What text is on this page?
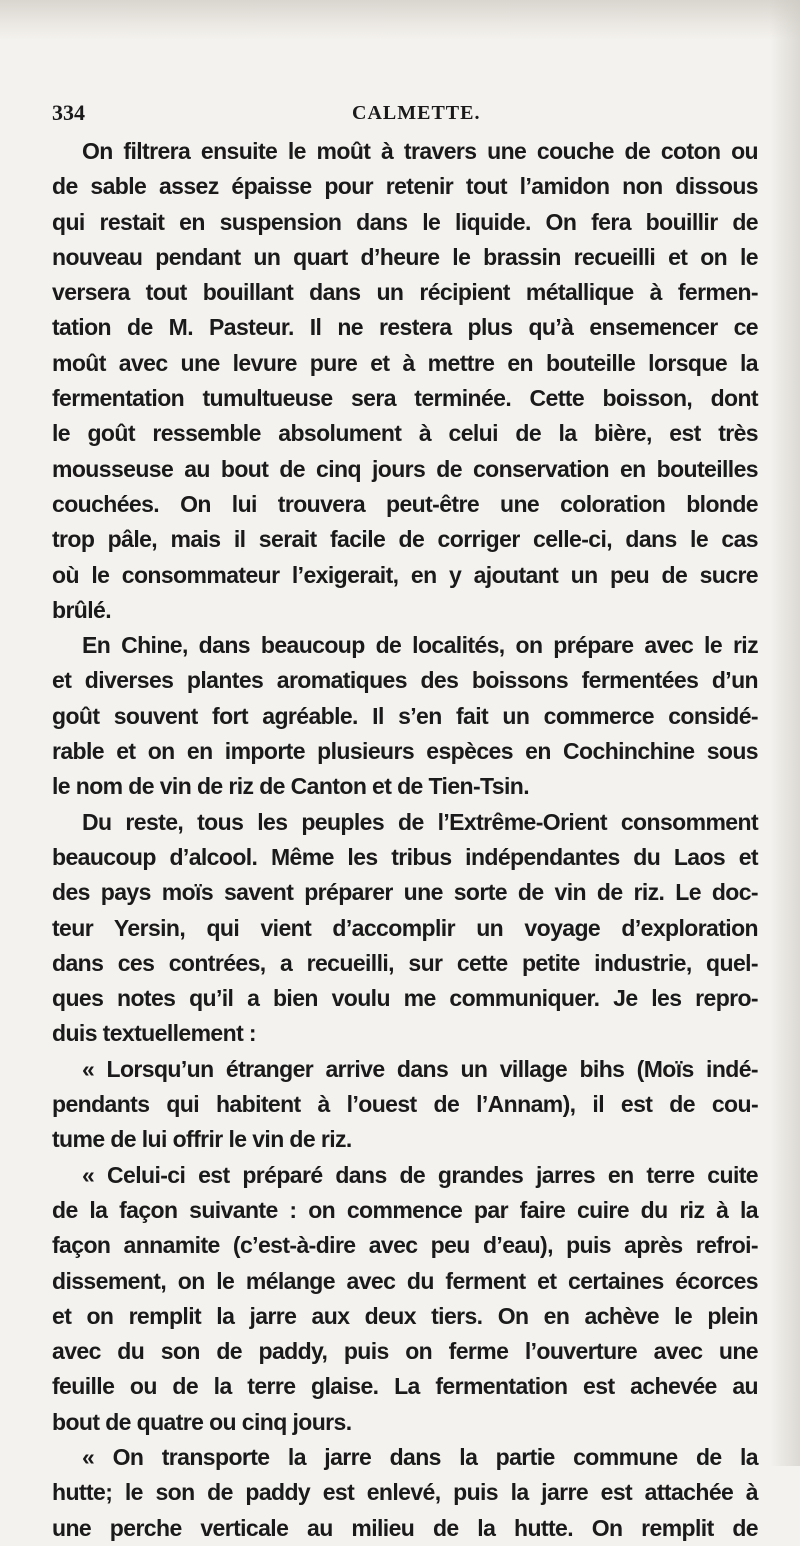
334	CALMETTE.
On filtrera ensuite le moût à travers une couche de coton ou
de sable assez épaisse pour retenir tout l’amidon non dissous
qui restait en suspension dans le liquide. On fera bouillir de
nouveau pendant un quart d’heure le brassin recueilli et on le
versera tout bouillant dans un récipient métallique à fermen-
tation de M. Pasteur. Il ne restera plus qu’à ensemencer ce
moût avec une levure pure et à mettre en bouteille lorsque la
fermentation tumultueuse sera terminée. Cette boisson, dont
le goût ressemble absolument à celui de la bière, est très
mousseuse au bout de cinq jours de conservation en bouteilles
couchées. On lui trouvera peut-être une coloration blonde
trop pâle, mais il serait facile de corriger celle-ci, dans le cas
où le consommateur l’exigerait, en y ajoutant un peu de sucre
brûlé.
En Chine, dans beaucoup de localités, on prépare avec le riz
et diverses plantes aromatiques des boissons fermentées d’un
goût souvent fort agréable. Il s’en fait un commerce considé-
rable et on en importe plusieurs espèces en Cochinchine sous
le nom de vin de riz de Canton et de Tien-Tsin.
Du reste, tous les peuples de l’Extrême-Orient consomment
beaucoup d’alcool. Même les tribus indépendantes du Laos et
des pays moïs savent préparer une sorte de vin de riz. Le doc-
teur Yersin, qui vient d’accomplir un voyage d’exploration
dans ces contrées, a recueilli, sur cette petite industrie, quel-
ques notes qu’il a bien voulu me communiquer. Je les repro-
duis textuellement :
« Lorsqu’un étranger arrive dans un village bihs (Moïs indé-
pendants qui habitent à l’ouest de l’Annam), il est de cou-
tume de lui offrir le vin de riz.
« Celui-ci est préparé dans de grandes jarres en terre cuite
de la façon suivante : on commence par faire cuire du riz à la
façon annamite (c’est-à-dire avec peu d’eau), puis après refroi-
dissement, on le mélange avec du ferment et certaines écorces
et on remplit la jarre aux deux tiers. On en achève le plein
avec du son de paddy, puis on ferme l’ouverture avec une
feuille ou de la terre glaise. La fermentation est achevée au
bout de quatre ou cinq jours.
« On transporte la jarre dans la partie commune de la
hutte; le son de paddy est enlevé, puis la jarre est attachée à
une perche verticale au milieu de la hutte. On remplit de
